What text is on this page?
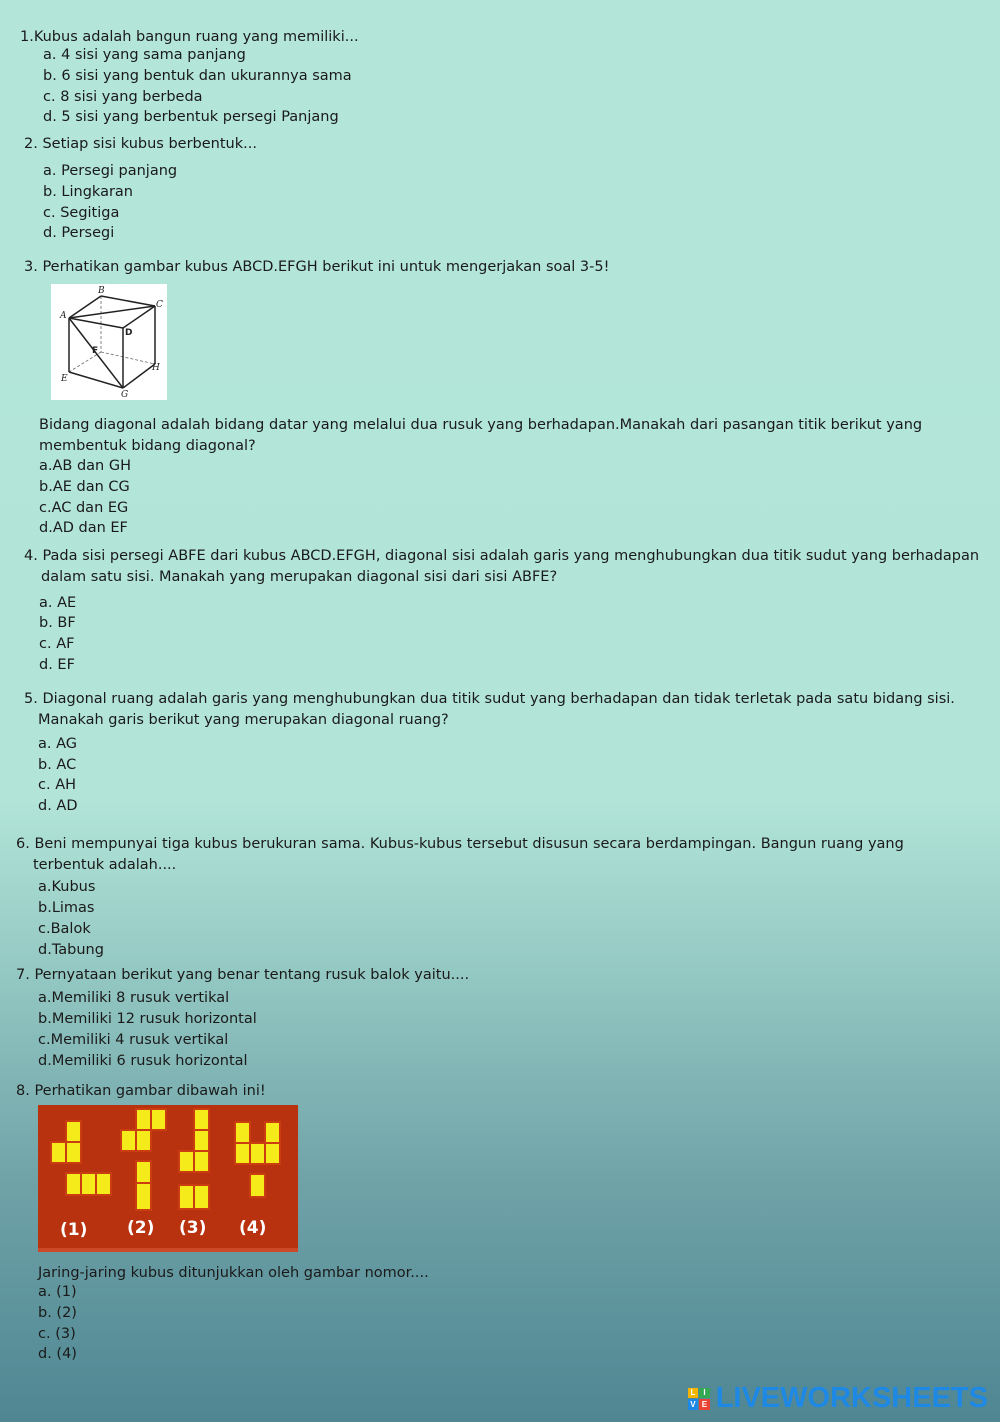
1.Kubus adalah bangun ruang yang memiliki...
a. 4 sisi yang sama panjang
b. 6 sisi yang bentuk dan ukurannya sama
c. 8 sisi yang berbeda
d. 5 sisi yang berbentuk persegi Panjang
2. Setiap sisi kubus berbentuk...
a. Persegi panjang
b. Lingkaran
c. Segitiga
d. Persegi
3. Perhatikan gambar kubus ABCD.EFGH berikut ini untuk mengerjakan soal 3-5!
B
C
A
H
E
G
D
F
Bidang diagonal adalah bidang datar yang melalui dua rusuk yang berhadapan.Manakah dari pasangan titik berikut yang
membentuk bidang diagonal?
a.AB dan GH
b.AE dan CG
c.AC dan EG
d.AD dan EF
4. Pada sisi persegi ABFE dari kubus ABCD.EFGH, diagonal sisi adalah garis yang menghubungkan dua titik sudut yang berhadapan
dalam satu sisi. Manakah yang merupakan diagonal sisi dari sisi ABFE?
a. AE
b. BF
c. AF
d. EF
5. Diagonal ruang adalah garis yang menghubungkan dua titik sudut yang berhadapan dan tidak terletak pada satu bidang sisi.
Manakah garis berikut yang merupakan diagonal ruang?
a. AG
b. AC
c. AH
d. AD
6. Beni mempunyai tiga kubus berukuran sama. Kubus-kubus tersebut disusun secara berdampingan. Bangun ruang yang
terbentuk adalah....
a.Kubus
b.Limas
c.Balok
d.Tabung
7. Pernyataan berikut yang benar tentang rusuk balok yaitu....
a.Memiliki 8 rusuk vertikal
b.Memiliki 12 rusuk horizontal
c.Memiliki 4 rusuk vertikal
d.Memiliki 6 rusuk horizontal
8. Perhatikan gambar dibawah ini!
(1) (2) (3) (4)
Jaring-jaring kubus ditunjukkan oleh gambar nomor....
a. (1)
b. (2)
c. (3)
d. (4)
L I
V E LIVEWORKSHEETS
